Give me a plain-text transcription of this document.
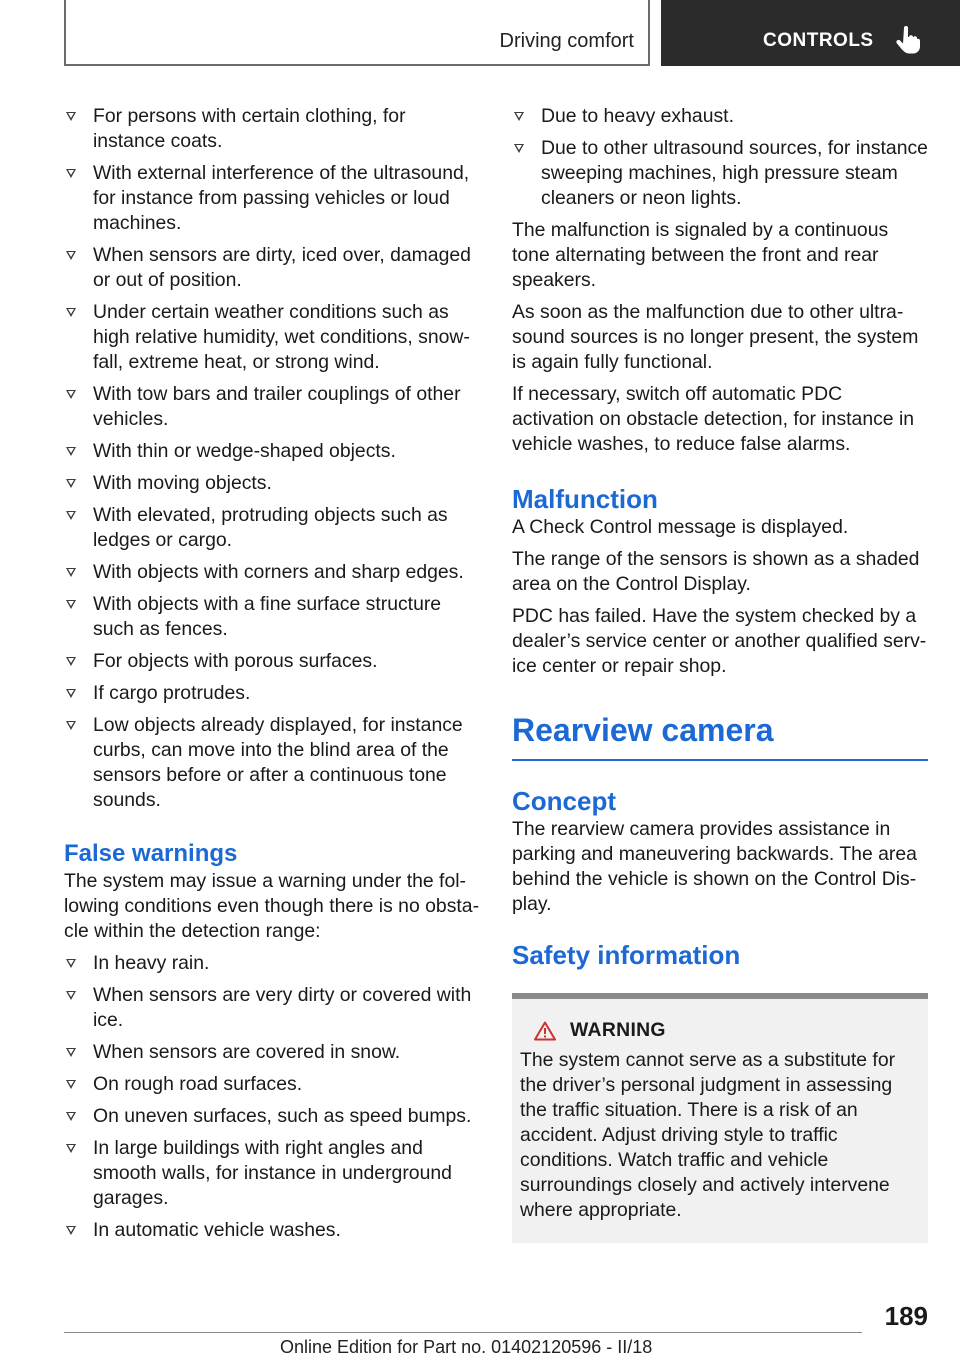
Driving comfort	CONTROLS
For persons with certain clothing, for instance coats.
With external interference of the ultrasound, for instance from passing vehicles or loud machines.
When sensors are dirty, iced over, damaged or out of position.
Under certain weather conditions such as high relative humidity, wet conditions, snowfall, extreme heat, or strong wind.
With tow bars and trailer couplings of other vehicles.
With thin or wedge-shaped objects.
With moving objects.
With elevated, protruding objects such as ledges or cargo.
With objects with corners and sharp edges.
With objects with a fine surface structure such as fences.
For objects with porous surfaces.
If cargo protrudes.
Low objects already displayed, for instance curbs, can move into the blind area of the sensors before or after a continuous tone sounds.
False warnings
The system may issue a warning under the following conditions even though there is no obstacle within the detection range:
In heavy rain.
When sensors are very dirty or covered with ice.
When sensors are covered in snow.
On rough road surfaces.
On uneven surfaces, such as speed bumps.
In large buildings with right angles and smooth walls, for instance in underground garages.
In automatic vehicle washes.
Due to heavy exhaust.
Due to other ultrasound sources, for instance sweeping machines, high pressure steam cleaners or neon lights.
The malfunction is signaled by a continuous tone alternating between the front and rear speakers.
As soon as the malfunction due to other ultrasound sources is no longer present, the system is again fully functional.
If necessary, switch off automatic PDC activation on obstacle detection, for instance in vehicle washes, to reduce false alarms.
Malfunction
A Check Control message is displayed.
The range of the sensors is shown as a shaded area on the Control Display.
PDC has failed. Have the system checked by a dealer’s service center or another qualified service center or repair shop.
Rearview camera
Concept
The rearview camera provides assistance in parking and maneuvering backwards. The area behind the vehicle is shown on the Control Display.
Safety information
WARNING
The system cannot serve as a substitute for the driver’s personal judgment in assessing the traffic situation. There is a risk of an accident. Adjust driving style to traffic conditions. Watch traffic and vehicle surroundings closely and actively intervene where appropriate.
189
Online Edition for Part no. 01402120596 - II/18
